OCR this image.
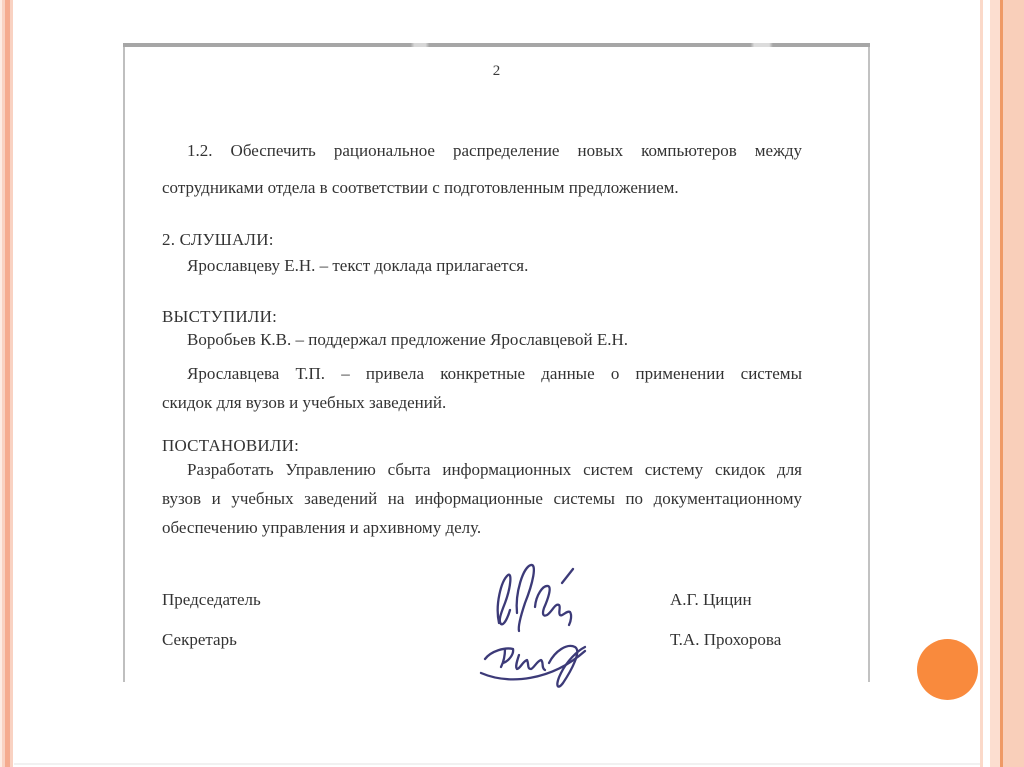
2
1.2. Обеспечить рациональное распределение новых компьютеров между
сотрудниками отдела в соответствии с подготовленным предложением.
2. СЛУШАЛИ:
Ярославцеву Е.Н. – текст доклада прилагается.
ВЫСТУПИЛИ:
Воробьев К.В. – поддержал предложение Ярославцевой Е.Н.
Ярославцева Т.П. – привела конкретные данные о применении системы
скидок для вузов и учебных заведений.
ПОСТАНОВИЛИ:
Разработать Управлению сбыта информационных систем систему скидок для
вузов и учебных заведений на информационные системы по документационному
обеспечению управления и архивному делу.
Председатель	А.Г. Цицин
Секретарь	Т.А. Прохорова
